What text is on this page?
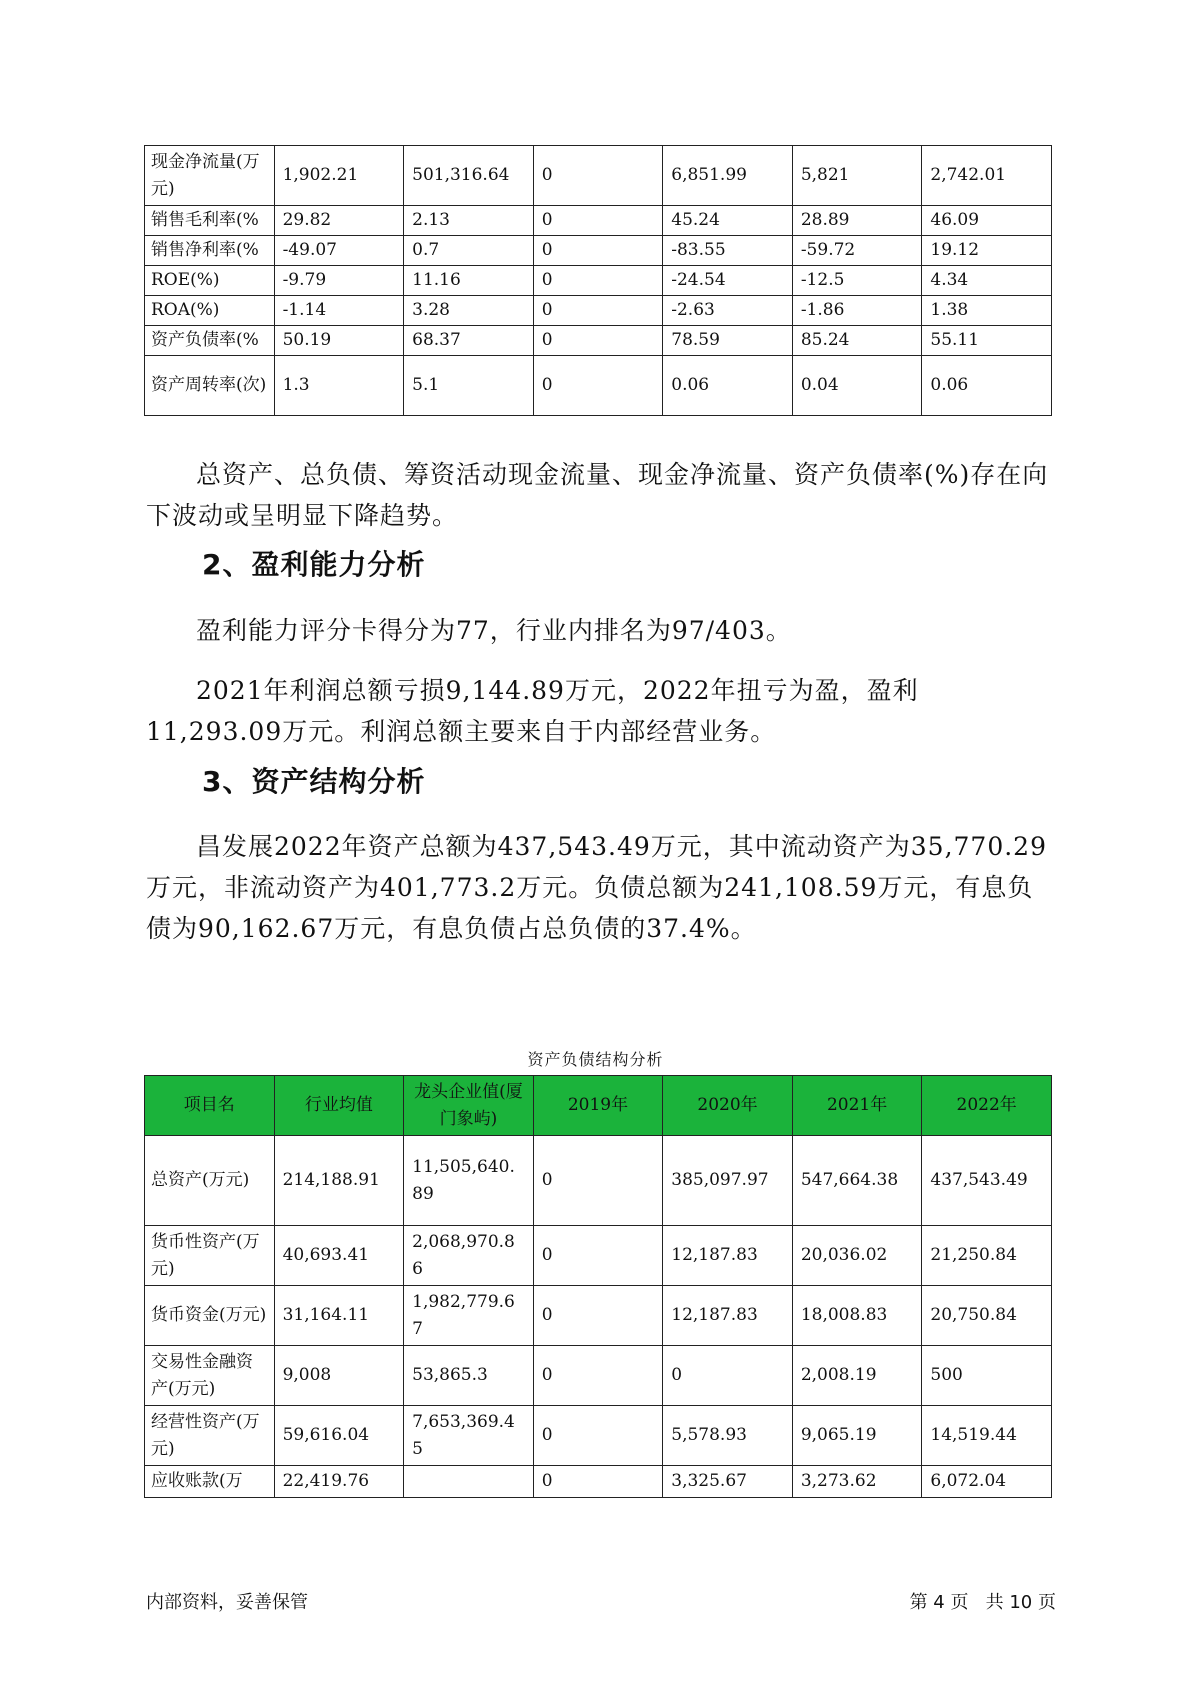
现金净流量(万元)	1,902.21	501,316.64	0	6,851.99	5,821	2,742.01
销售毛利率(%	29.82	2.13	0	45.24	28.89	46.09
销售净利率(%	-49.07	0.7	0	-83.55	-59.72	19.12
ROE(%)	-9.79	11.16	0	-24.54	-12.5	4.34
ROA(%)	-1.14	3.28	0	-2.63	-1.86	1.38
资产负债率(%	50.19	68.37	0	78.59	85.24	55.11
资产周转率(次)	1.3	5.1	0	0.06	0.04	0.06

总资产、总负债、筹资活动现金流量、现金净流量、资产负债率(%)存在向下波动或呈明显下降趋势。

2、盈利能力分析

盈利能力评分卡得分为77，行业内排名为97/403。

2021年利润总额亏损9,144.89万元，2022年扭亏为盈，盈利11,293.09万元。利润总额主要来自于内部经营业务。

3、资产结构分析

昌发展2022年资产总额为437,543.49万元，其中流动资产为35,770.29万元，非流动资产为401,773.2万元。负债总额为241,108.59万元，有息负债为90,162.67万元，有息负债占总负债的37.4%。

资产负债结构分析
项目名	行业均值	龙头企业值(厦门象屿)	2019年	2020年	2021年	2022年
总资产(万元)	214,188.91	11,505,640.89	0	385,097.97	547,664.38	437,543.49
货币性资产(万元)	40,693.41	2,068,970.86	0	12,187.83	20,036.02	21,250.84
货币资金(万元)	31,164.11	1,982,779.67	0	12,187.83	18,008.83	20,750.84
交易性金融资产(万元)	9,008	53,865.3	0	0	2,008.19	500
经营性资产(万元)	59,616.04	7,653,369.45	0	5,578.93	9,065.19	14,519.44
应收账款(万	22,419.76		0	3,325.67	3,273.62	6,072.04
内部资料，妥善保管	第 4 页   共 10 页
